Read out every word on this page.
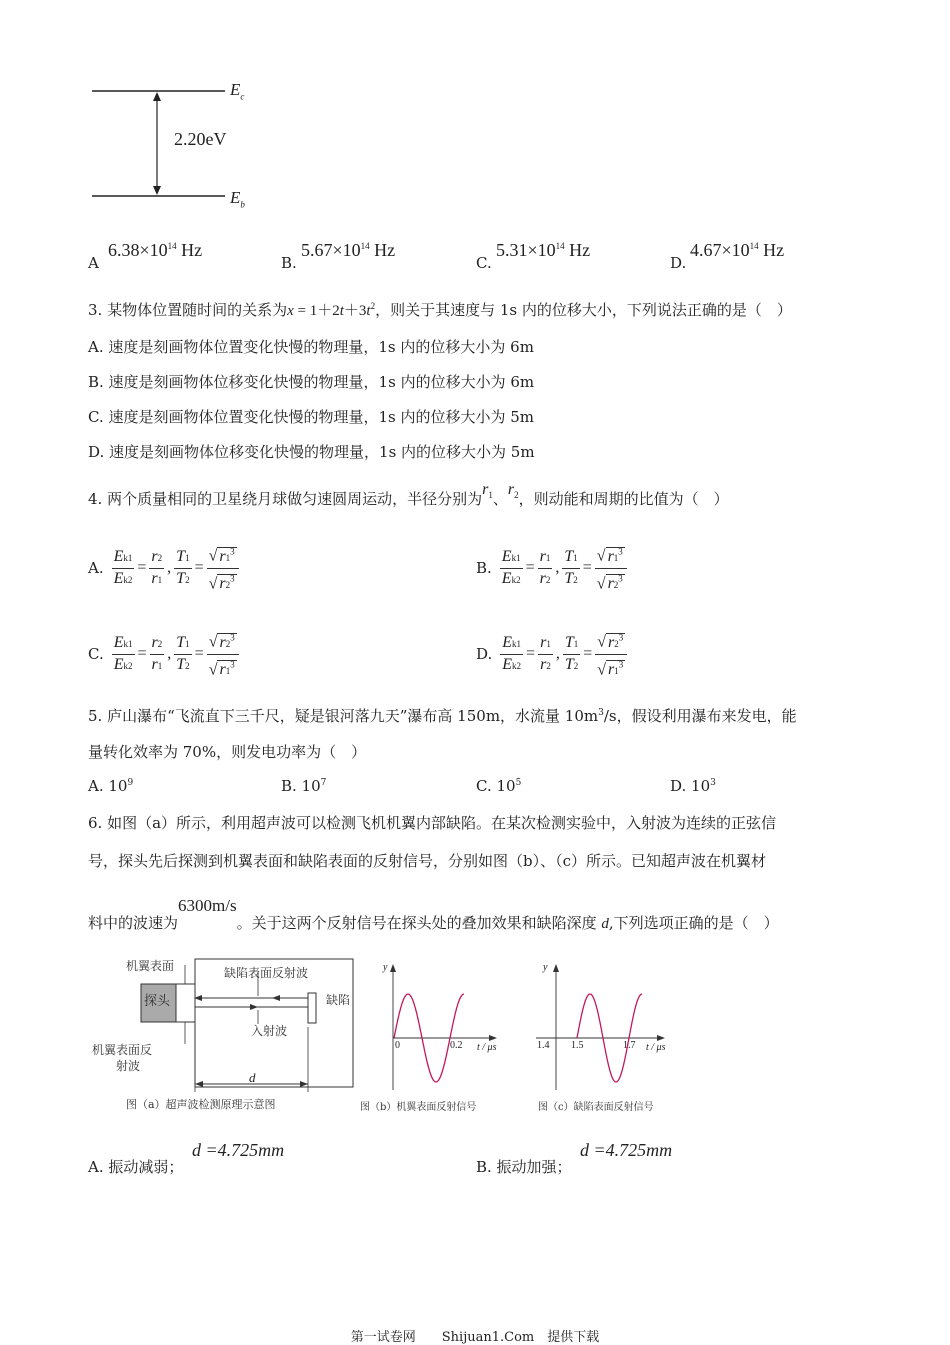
$E_c$
$E_b$
2.20eV
A
$6.38\times 10^{14}$ Hz
B.
$5.67\times 10^{14}$ Hz
C.
$5.31\times 10^{14}$ Hz
D.
$4.67\times 10^{14}$ Hz
3. 某物体位置随时间的关系为$x = 1+2t+3t^2$，则关于其速度与 1s 内的位移大小，下列说法正确的是（　）
A. 速度是刻画物体位置变化快慢的物理量，1s 内的位移大小为 6m
B. 速度是刻画物体位移变化快慢的物理量，1s 内的位移大小为 6m
C. 速度是刻画物体位置变化快慢的物理量，1s 内的位移大小为 5m
D. 速度是刻画物体位移变化快慢的物理量，1s 内的位移大小为 5m
4. 两个质量相同的卫星绕月球做匀速圆周运动，半径分别为$r_1$、$r_2$，则动能和周期的比值为（　）
A. $\frac{Ek1}{Ek2} = \frac{r2}{r1}$ , $\frac{T1}{T2} = \frac{√ r1^3}{√ r2^3}$	B. $\frac{Ek1}{Ek2} = \frac{r1}{r2}$ , $\frac{T1}{T2} = \frac{√ r1^3}{√ r2^3}$
C. $\frac{Ek1}{Ek2} = \frac{r2}{r1}$ , $\frac{T1}{T2} = \frac{√ r2^3}{√ r1^3}$	D. $\frac{Ek1}{Ek2} = \frac{r1}{r2}$ , $\frac{T1}{T2} = \frac{√ r2^3}{√ r1^3}$
5. 庐山瀑布“飞流直下三千尺，疑是银河落九天”瀑布高 150m，水流量 $10m^3/s$，假设利用瀑布来发电，能
量转化效率为 70%，则发电功率为（　）
A. $10^9$	B. $10^7$	C. $10^5$	D. $10^3$
6. 如图（a）所示，利用超声波可以检测飞机机翼内部缺陷。在某次检测实验中，入射波为连续的正弦信
号，探头先后探测到机翼表面和缺陷表面的反射信号，分别如图（b）、（c）所示。已知超声波在机翼材
料中的波速为6300m/s。关于这两个反射信号在探头处的叠加效果和缺陷深度 d,下列选项正确的是（　）
机翼表面
探头
缺陷表面反射波
缺陷
入射波
机翼表面反
射波
d
图（a）超声波检测原理示意图
y
0	0.2 t / μs
图（b）机翼表面反射信号
y
1.4 1.5	1.7 t / μs
图（c）缺陷表面反射信号
A. 振动减弱；
d =4.725mm
B. 振动加强；
d =4.725mm
第一试卷网　　Shijuan1.Com　提供下载
